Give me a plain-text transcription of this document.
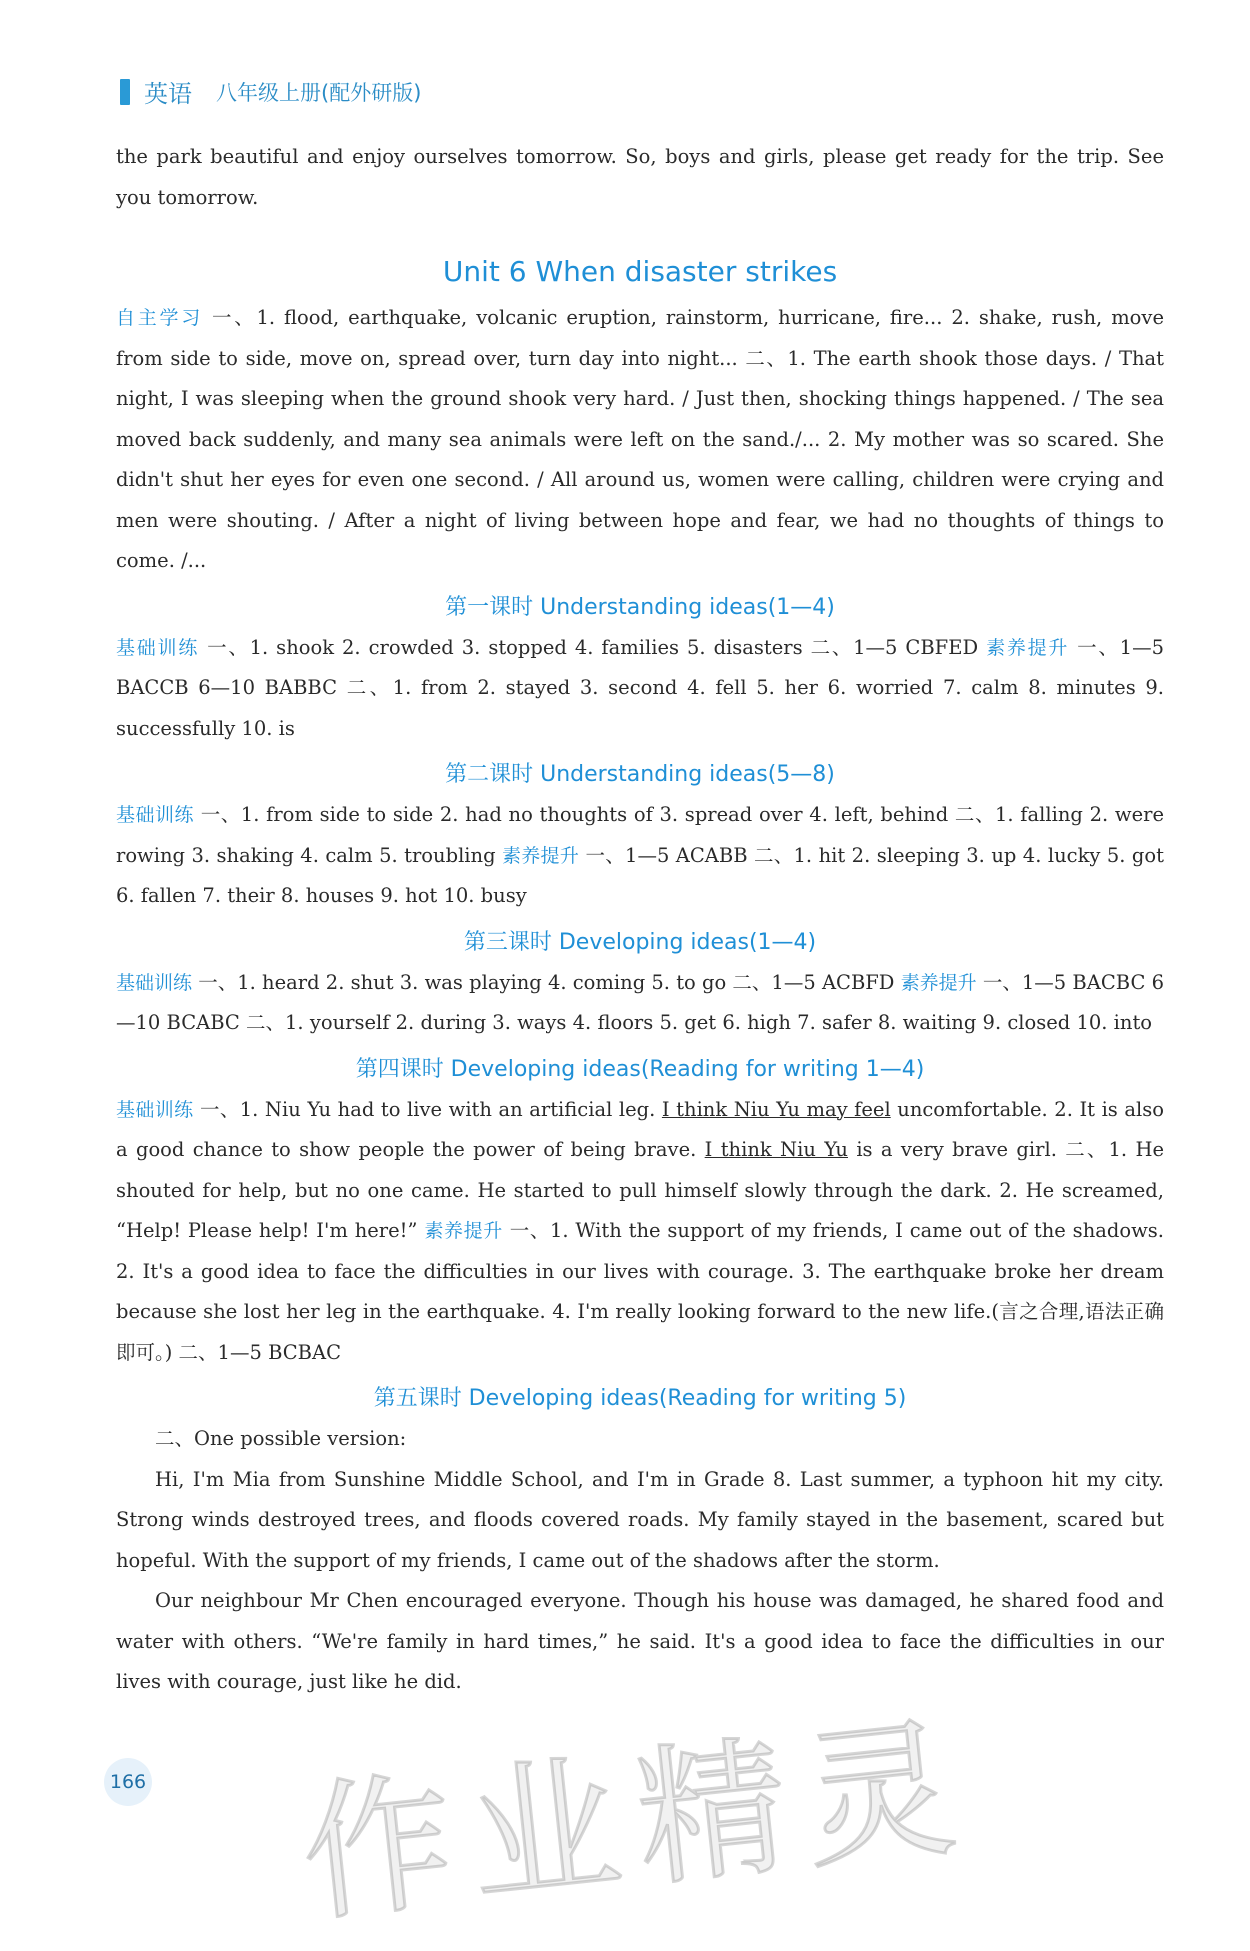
英语 八年级上册(配外研版)

the park beautiful and enjoy ourselves tomorrow. So, boys and girls, please get ready for the trip. See you tomorrow.

Unit 6 When disaster strikes

自主学习 一、1. flood, earthquake, volcanic eruption, rainstorm, hurricane, fire... 2. shake, rush, move from side to side, move on, spread over, turn day into night... 二、1. The earth shook those days. / That night, I was sleeping when the ground shook very hard. / Just then, shocking things happened. / The sea moved back suddenly, and many sea animals were left on the sand./... 2. My mother was so scared. She didn't shut her eyes for even one second. / All around us, women were calling, children were crying and men were shouting. / After a night of living between hope and fear, we had no thoughts of things to come. /...

第一课时 Understanding ideas(1—4)

基础训练 一、1. shook 2. crowded 3. stopped 4. families 5. disasters 二、1—5 CBFED 素养提升 一、1—5 BACCB 6—10 BABBC 二、1. from 2. stayed 3. second 4. fell 5. her 6. worried 7. calm 8. minutes 9. successfully 10. is

第二课时 Understanding ideas(5—8)

基础训练 一、1. from side to side 2. had no thoughts of 3. spread over 4. left, behind 二、1. falling 2. were rowing 3. shaking 4. calm 5. troubling 素养提升 一、1—5 ACABB 二、1. hit 2. sleeping 3. up 4. lucky 5. got 6. fallen 7. their 8. houses 9. hot 10. busy

第三课时 Developing ideas(1—4)

基础训练 一、1. heard 2. shut 3. was playing 4. coming 5. to go 二、1—5 ACBFD 素养提升 一、1—5 BACBC 6—10 BCABC 二、1. yourself 2. during 3. ways 4. floors 5. get 6. high 7. safer 8. waiting 9. closed 10. into

第四课时 Developing ideas(Reading for writing 1—4)

基础训练 一、1. Niu Yu had to live with an artificial leg. I think Niu Yu may feel uncomfortable. 2. It is also a good chance to show people the power of being brave. I think Niu Yu is a very brave girl. 二、1. He shouted for help, but no one came. He started to pull himself slowly through the dark. 2. He screamed, “Help! Please help! I'm here!” 素养提升 一、1. With the support of my friends, I came out of the shadows. 2. It's a good idea to face the difficulties in our lives with courage. 3. The earthquake broke her dream because she lost her leg in the earthquake. 4. I'm really looking forward to the new life.(言之合理,语法正确即可。) 二、1—5 BCBAC

第五课时 Developing ideas(Reading for writing 5)

二、One possible version:

Hi, I'm Mia from Sunshine Middle School, and I'm in Grade 8. Last summer, a typhoon hit my city. Strong winds destroyed trees, and floods covered roads. My family stayed in the basement, scared but hopeful. With the support of my friends, I came out of the shadows after the storm.

Our neighbour Mr Chen encouraged everyone. Though his house was damaged, he shared food and water with others. “We're family in hard times,” he said. It's a good idea to face the difficulties in our lives with courage, just like he did.

166 作业精灵
